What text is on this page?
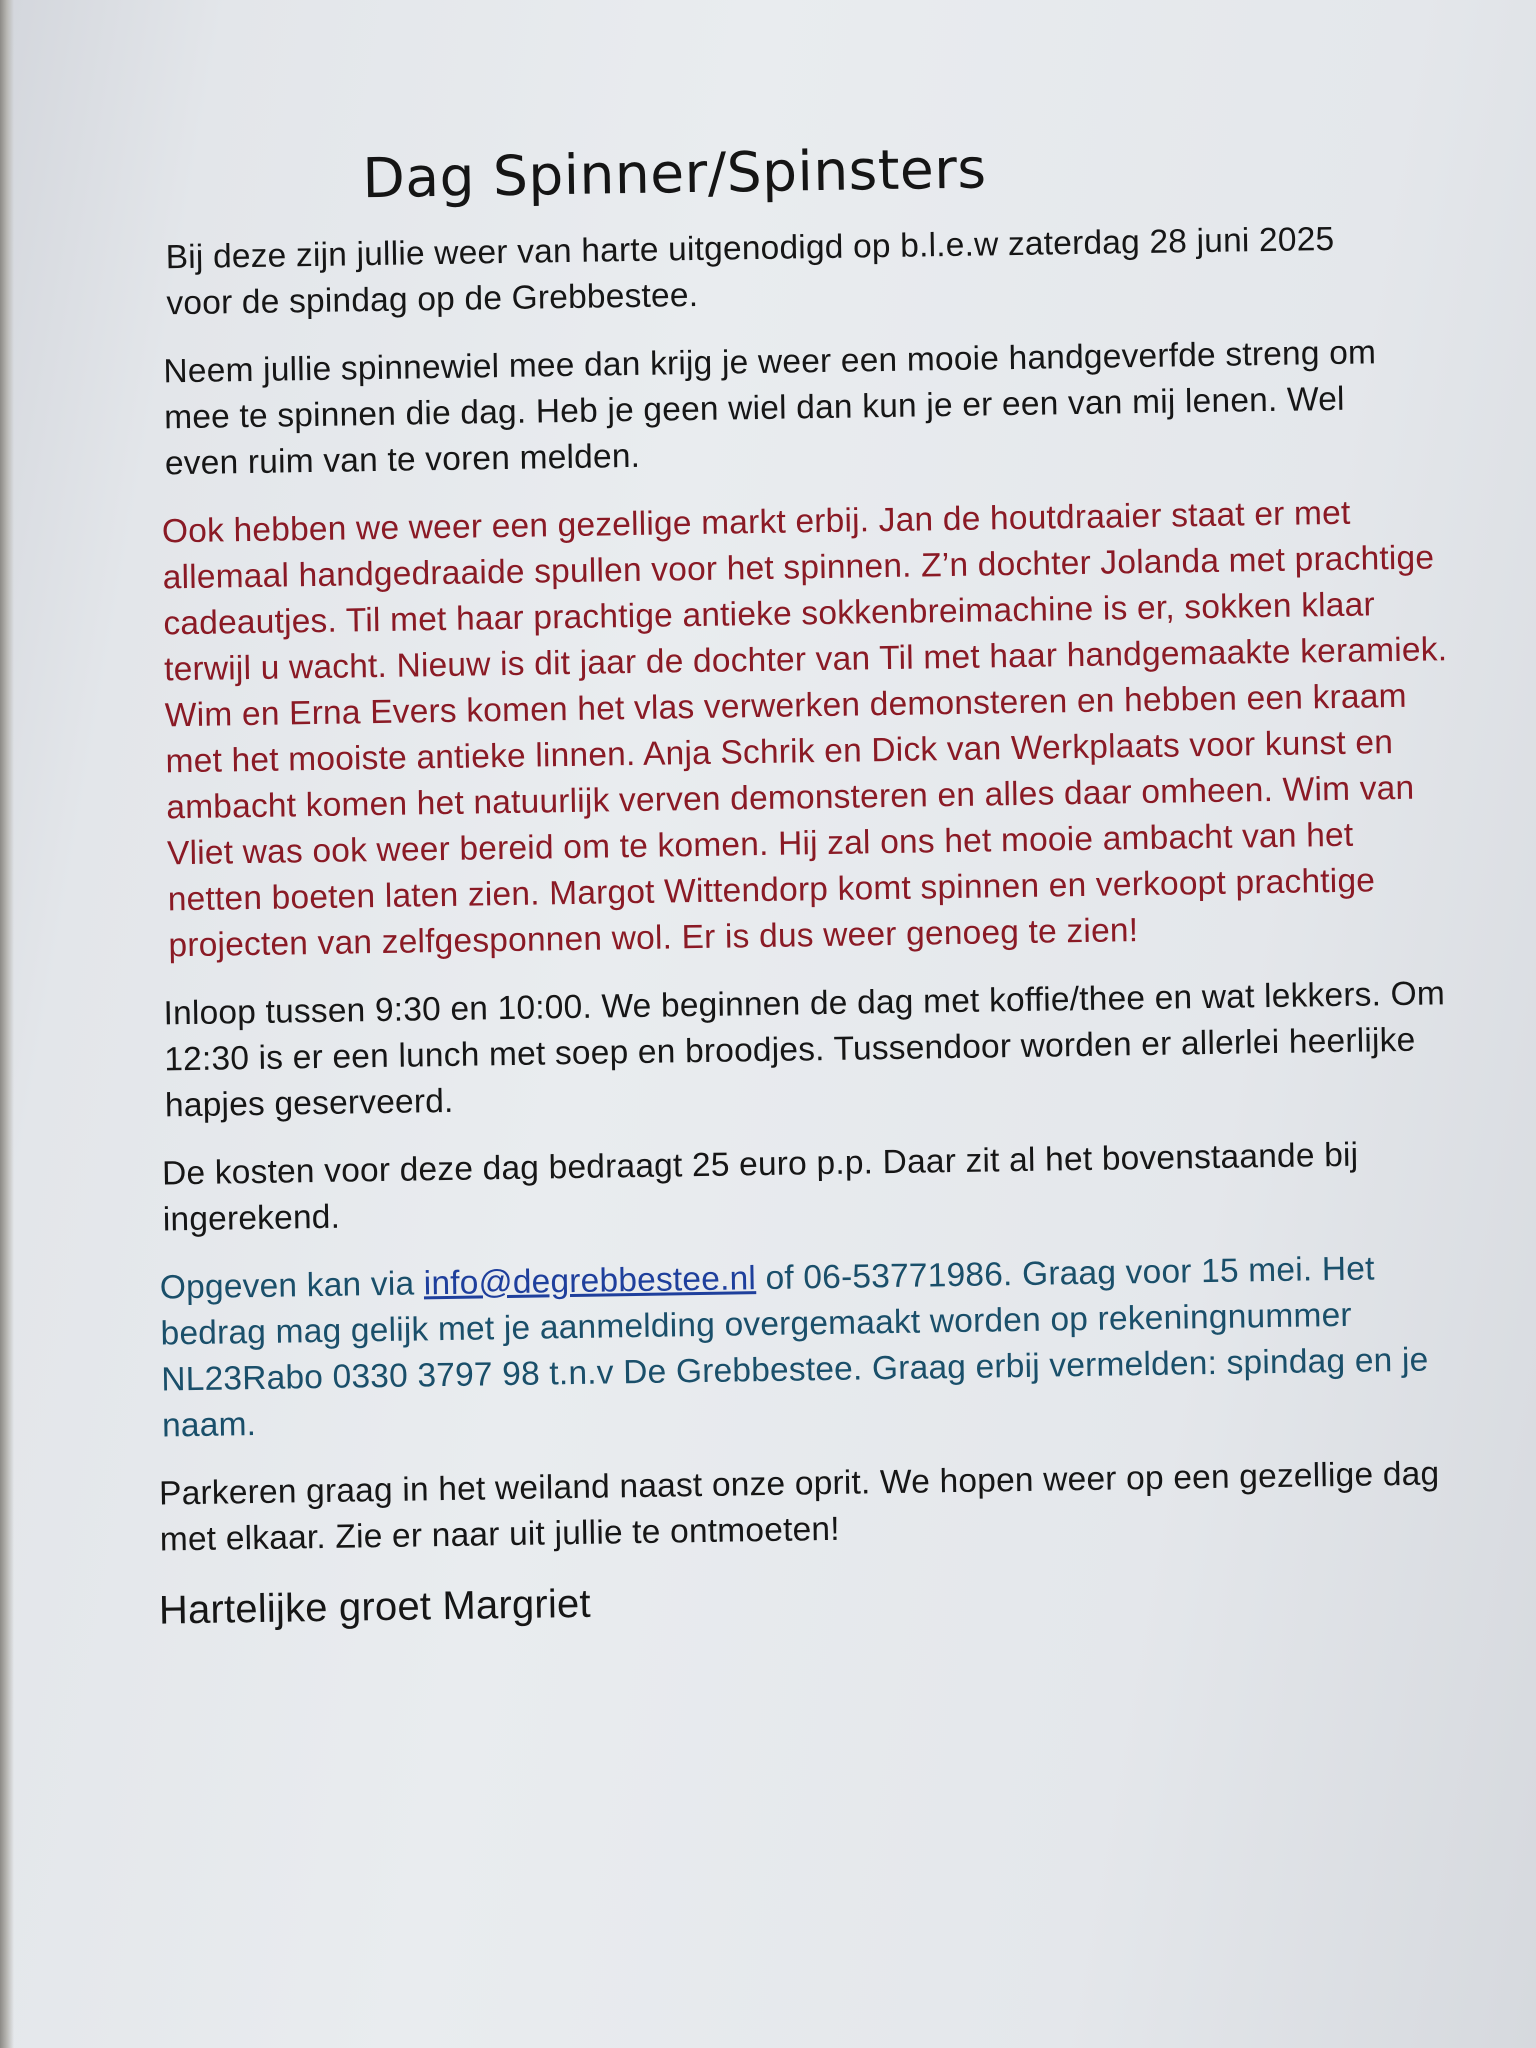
Dag Spinner/Spinsters

Bij deze zijn jullie weer van harte uitgenodigd op b.l.e.w zaterdag 28 juni 2025 voor de spindag op de Grebbestee.

Neem jullie spinnewiel mee dan krijg je weer een mooie handgeverfde streng om mee te spinnen die dag. Heb je geen wiel dan kun je er een van mij lenen. Wel even ruim van te voren melden.

Ook hebben we weer een gezellige markt erbij. Jan de houtdraaier staat er met allemaal handgedraaide spullen voor het spinnen. Z’n dochter Jolanda met prachtige cadeautjes. Til met haar prachtige antieke sokkenbreimachine is er, sokken klaar terwijl u wacht. Nieuw is dit jaar de dochter van Til met haar handgemaakte keramiek. Wim en Erna Evers komen het vlas verwerken demonsteren en hebben een kraam met het mooiste antieke linnen. Anja Schrik en Dick van Werkplaats voor kunst en ambacht komen het natuurlijk verven demonsteren en alles daar omheen. Wim van Vliet was ook weer bereid om te komen. Hij zal ons het mooie ambacht van het netten boeten laten zien. Margot Wittendorp komt spinnen en verkoopt prachtige projecten van zelfgesponnen wol. Er is dus weer genoeg te zien!

Inloop tussen 9:30 en 10:00. We beginnen de dag met koffie/thee en wat lekkers. Om 12:30 is er een lunch met soep en broodjes. Tussendoor worden er allerlei heerlijke hapjes geserveerd.

De kosten voor deze dag bedraagt 25 euro p.p. Daar zit al het bovenstaande bij ingerekend.

Opgeven kan via info@degrebbestee.nl of 06-53771986. Graag voor 15 mei. Het bedrag mag gelijk met je aanmelding overgemaakt worden op rekeningnummer NL23Rabo 0330 3797 98 t.n.v De Grebbestee. Graag erbij vermelden: spindag en je naam.

Parkeren graag in het weiland naast onze oprit. We hopen weer op een gezellige dag met elkaar. Zie er naar uit jullie te ontmoeten!

Hartelijke groet Margriet
